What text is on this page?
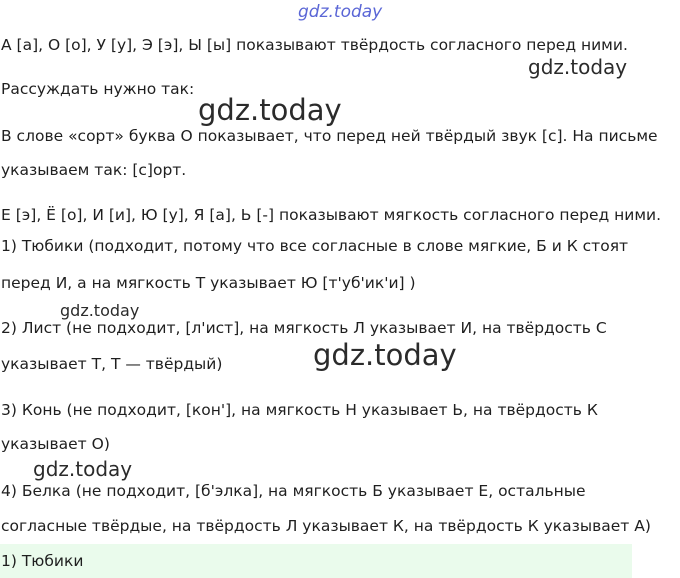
gdz.today
А [а], О [о], У [у], Э [э], Ы [ы] показывают твёрдость согласного перед ними.
gdz.today
Рассуждать нужно так:
gdz.today
В слове «сорт» буква О показывает, что перед ней твёрдый звук [с]. На письме
указываем так: [с]орт.
Е [э], Ё [о], И [и], Ю [у], Я [а], Ь [-] показывают мягкость согласного перед ними.
1) Тюбики (подходит, потому что все согласные в слове мягкие, Б и К стоят
перед И, а на мягкость Т указывает Ю [т'уб'ик'и] )
gdz.today
2) Лист (не подходит, [л'ист], на мягкость Л указывает И, на твёрдость С
gdz.today
указывает Т, Т — твёрдый)
3) Конь (не подходит, [кон'], на мягкость Н указывает Ь, на твёрдость К
указывает О)
gdz.today
4) Белка (не подходит, [б'элка], на мягкость Б указывает Е, остальные
согласные твёрдые, на твёрдость Л указывает К, на твёрдость К указывает А)
1) Тюбики
